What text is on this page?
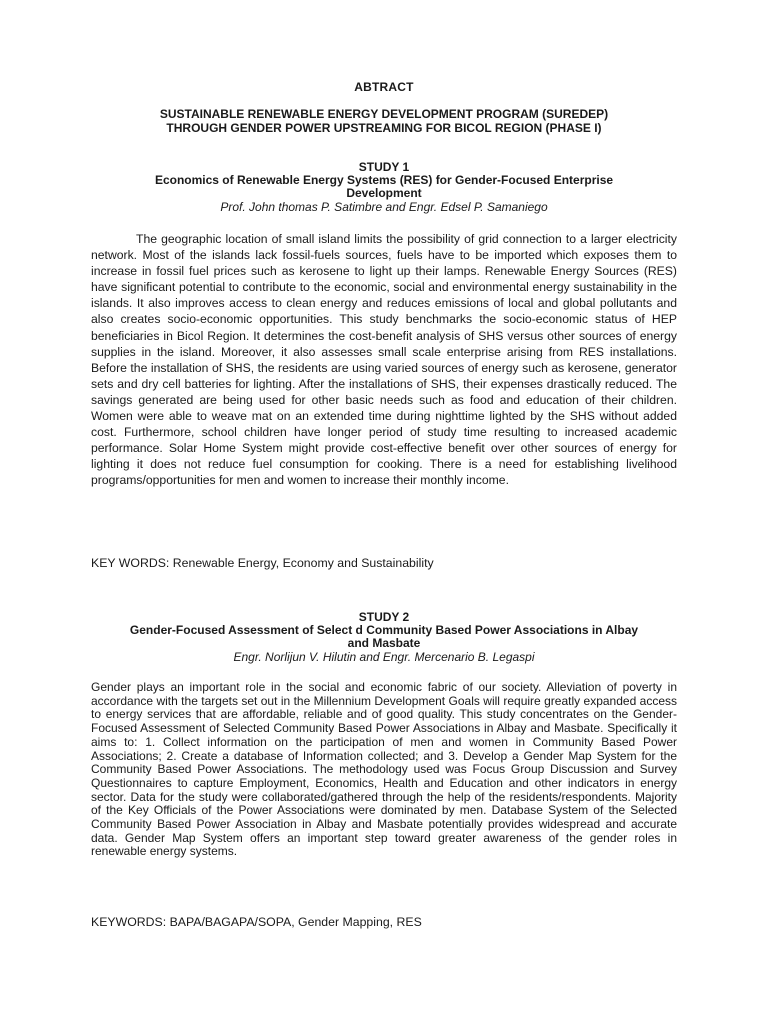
ABTRACT
SUSTAINABLE RENEWABLE ENERGY DEVELOPMENT PROGRAM (SUREDEP)
THROUGH GENDER POWER UPSTREAMING FOR BICOL REGION (PHASE I)
STUDY 1
Economics of Renewable Energy Systems (RES) for Gender-Focused Enterprise
Development
Prof. John thomas P. Satimbre and Engr. Edsel P. Samaniego
The geographic location of small island limits the possibility of grid connection to a larger electricity network. Most of the islands lack fossil-fuels sources, fuels have to be imported which exposes them to increase in fossil fuel prices such as kerosene to light up their lamps. Renewable Energy Sources (RES) have significant potential to contribute to the economic, social and environmental energy sustainability in the islands. It also improves access to clean energy and reduces emissions of local and global pollutants and also creates socio-economic opportunities. This study benchmarks the socio-economic status of HEP beneficiaries in Bicol Region. It determines the cost-benefit analysis of SHS versus other sources of energy supplies in the island. Moreover, it also assesses small scale enterprise arising from RES installations. Before the installation of SHS, the residents are using varied sources of energy such as kerosene, generator sets and dry cell batteries for lighting. After the installations of SHS, their expenses drastically reduced. The savings generated are being used for other basic needs such as food and education of their children. Women were able to weave mat on an extended time during nighttime lighted by the SHS without added cost. Furthermore, school children have longer period of study time resulting to increased academic performance. Solar Home System might provide cost-effective benefit over other sources of energy for lighting it does not reduce fuel consumption for cooking. There is a need for establishing livelihood programs/opportunities for men and women to increase their monthly income.
KEY WORDS: Renewable Energy, Economy and Sustainability
STUDY 2
Gender-Focused Assessment of Select d Community Based Power Associations in Albay
and Masbate
Engr. Norlijun V. Hilutin and Engr. Mercenario B. Legaspi
Gender plays an important role in the social and economic fabric of our society. Alleviation of poverty in accordance with the targets set out in the Millennium Development Goals will require greatly expanded access to energy services that are affordable, reliable and of good quality. This study concentrates on the Gender-Focused Assessment of Selected Community Based Power Associations in Albay and Masbate. Specifically it aims to: 1. Collect information on the participation of men and women in Community Based Power Associations; 2. Create a database of Information collected; and 3. Develop a Gender Map System for the Community Based Power Associations. The methodology used was Focus Group Discussion and Survey Questionnaires to capture Employment, Economics, Health and Education and other indicators in energy sector. Data for the study were collaborated/gathered through the help of the residents/respondents. Majority of the Key Officials of the Power Associations were dominated by men. Database System of the Selected Community Based Power Association in Albay and Masbate potentially provides widespread and accurate data. Gender Map System offers an important step toward greater awareness of the gender roles in renewable energy systems.
KEYWORDS: BAPA/BAGAPA/SOPA, Gender Mapping, RES
